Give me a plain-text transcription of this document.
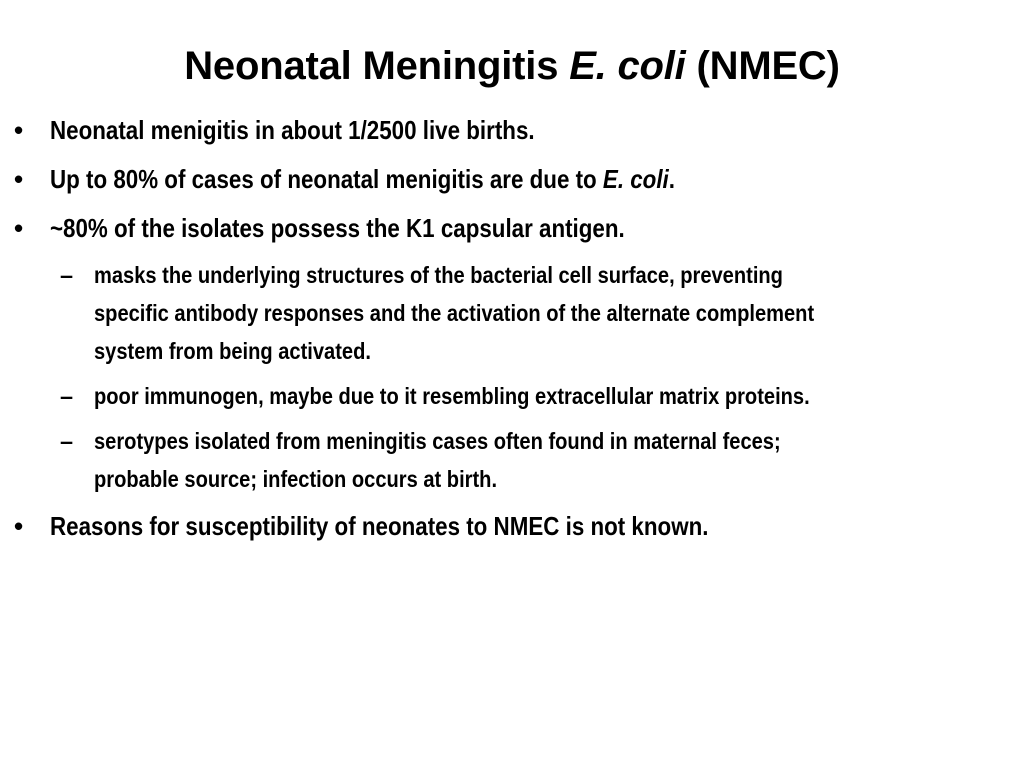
Neonatal Meningitis E. coli (NMEC)
• Neonatal menigitis in about 1/2500 live births.
• Up to 80% of cases of neonatal menigitis are due to E. coli.
• ~80% of the isolates possess the K1 capsular antigen.
– masks the underlying structures of the bacterial cell surface, preventing
specific antibody responses and the activation of the alternate complement
system from being activated.
– poor immunogen, maybe due to it resembling extracellular matrix proteins.
– serotypes isolated from meningitis cases often found in maternal feces;
probable source; infection occurs at birth.
• Reasons for susceptibility of neonates to NMEC is not known.
